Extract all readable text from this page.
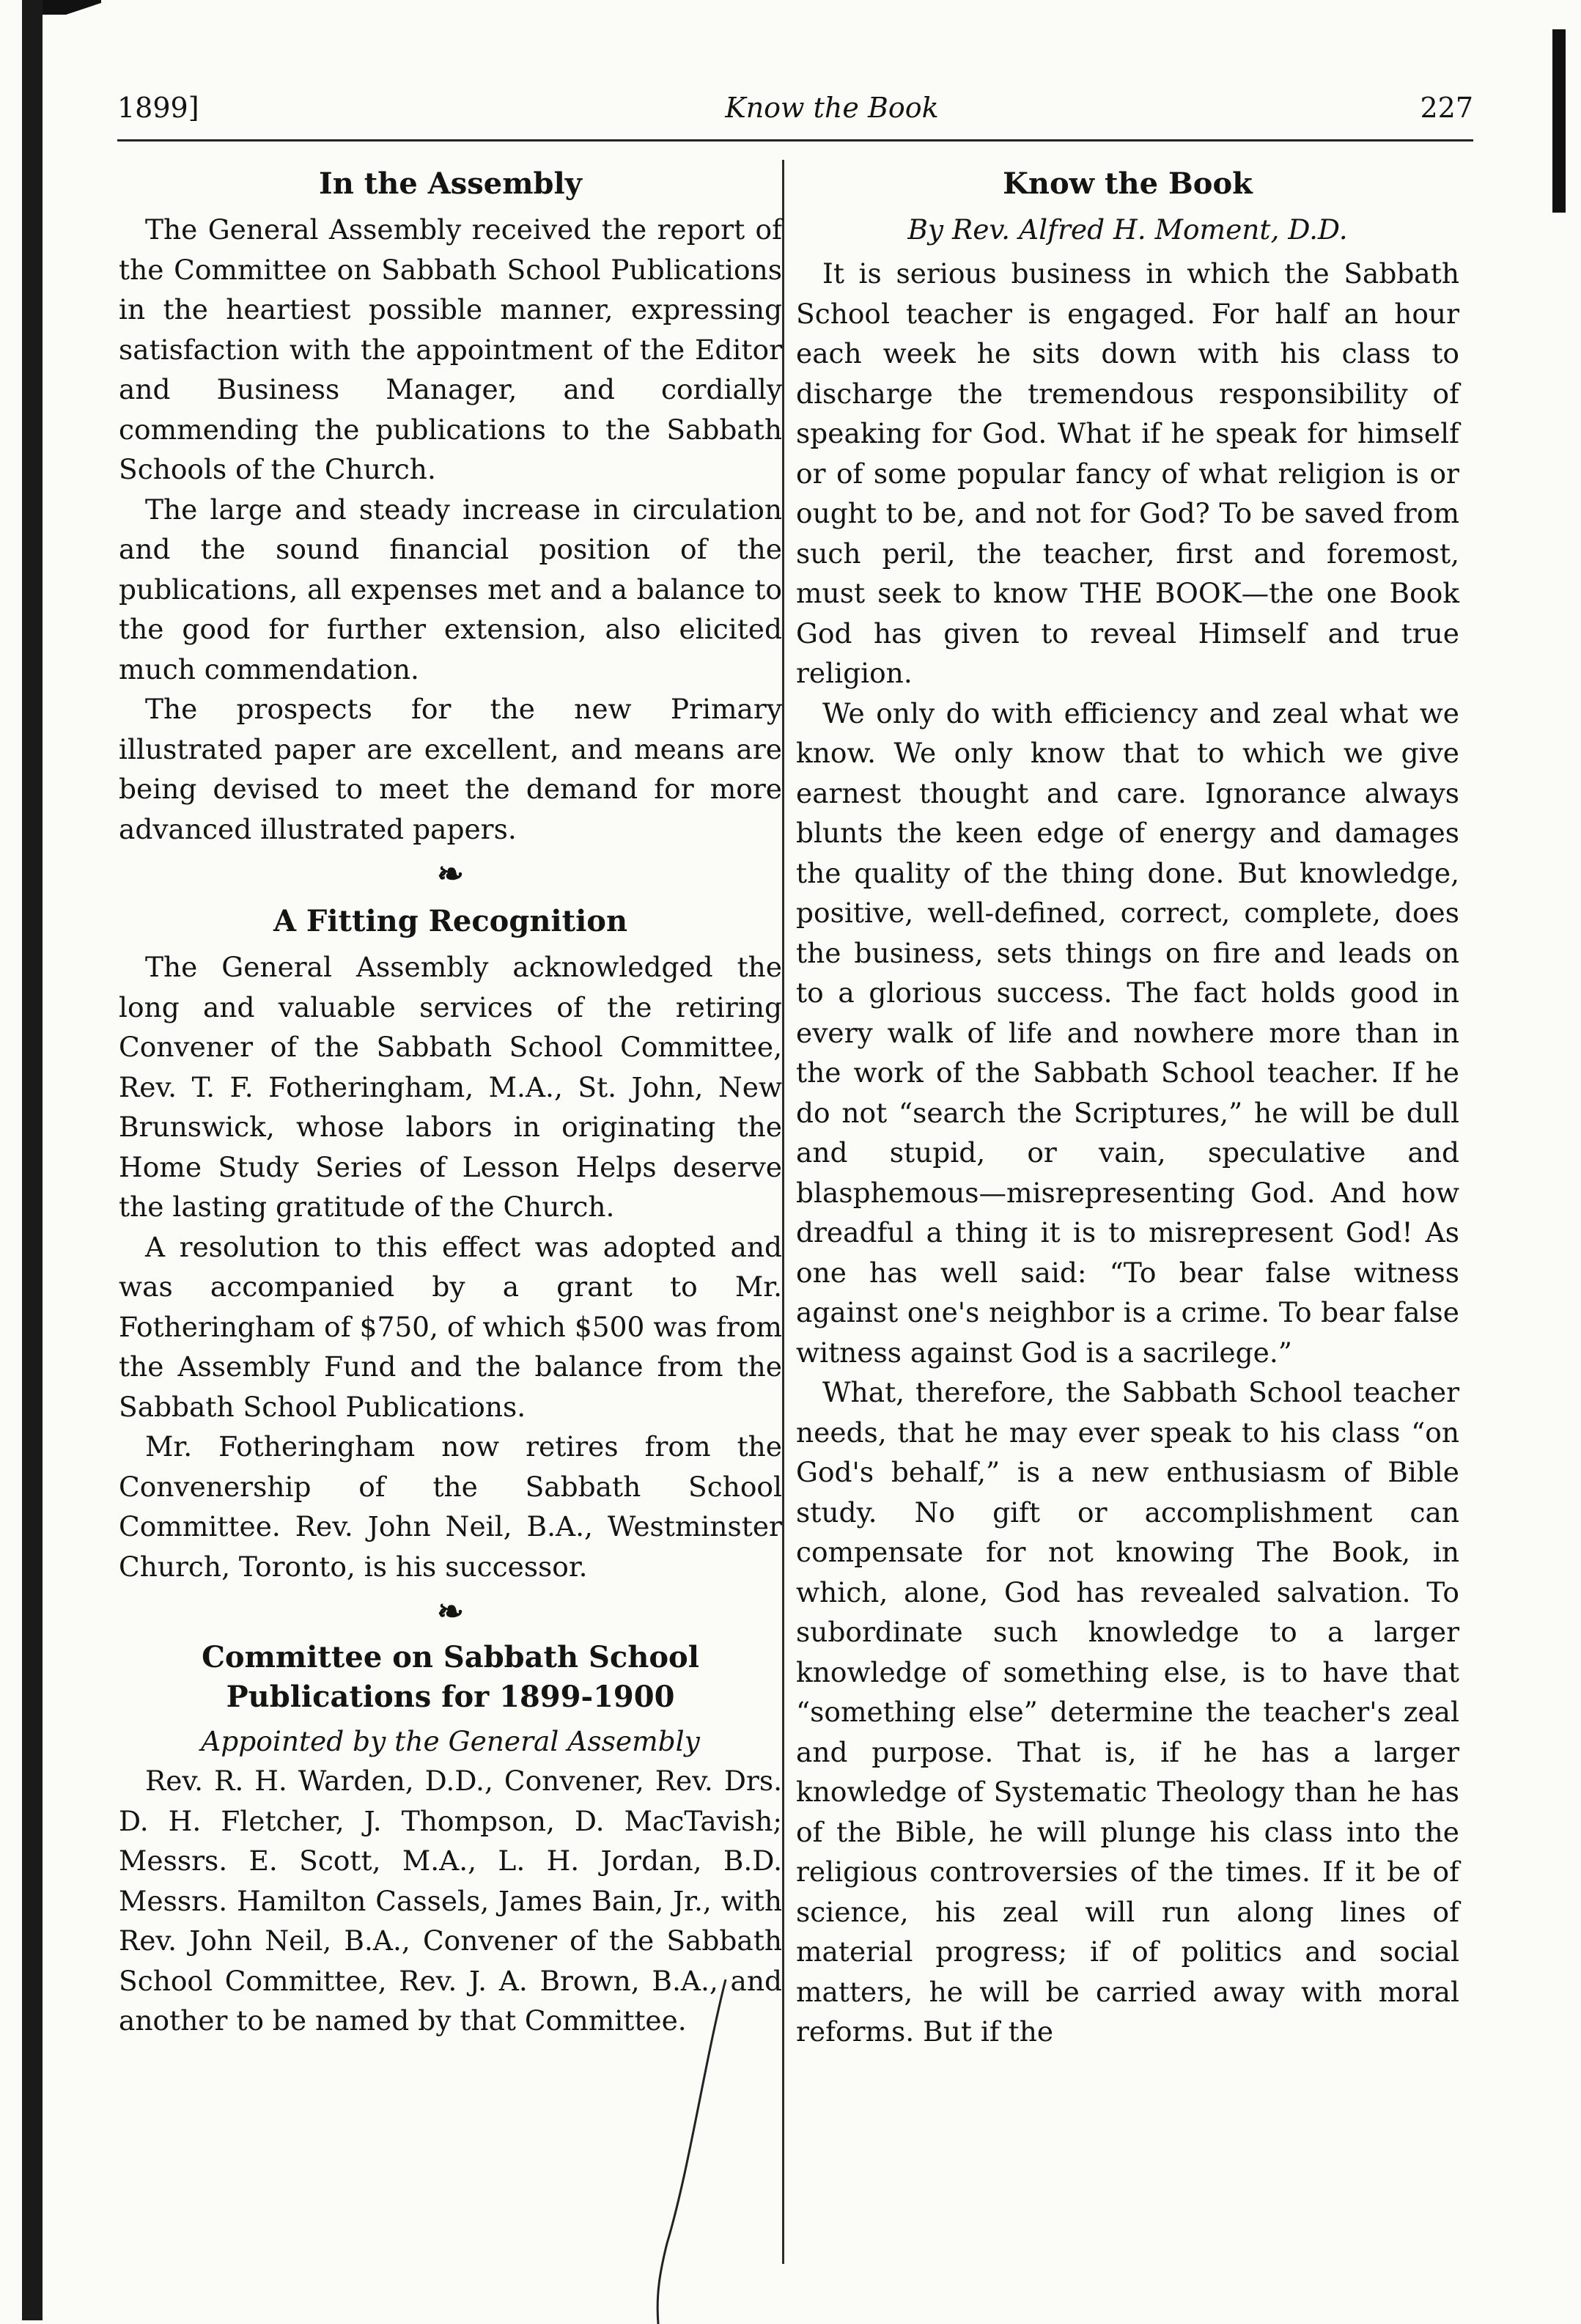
1899]	Know the Book	227
In the Assembly

The General Assembly received the report of the Committee on Sabbath School Publications in the heartiest possible manner, expressing satisfaction with the appointment of the Editor and Business Manager, and cordially commending the publications to the Sabbath Schools of the Church.

The large and steady increase in circulation and the sound financial position of the publications, all expenses met and a balance to the good for further extension, also elicited much commendation.

The prospects for the new Primary illustrated paper are excellent, and means are being devised to meet the demand for more advanced illustrated papers.

❧
A Fitting Recognition

The General Assembly acknowledged the long and valuable services of the retiring Convener of the Sabbath School Committee, Rev. T. F. Fotheringham, M.A., St. John, New Brunswick, whose labors in originating the Home Study Series of Lesson Helps deserve the lasting gratitude of the Church.

A resolution to this effect was adopted and was accompanied by a grant to Mr. Fotheringham of $750, of which $500 was from the Assembly Fund and the balance from the Sabbath School Publications.

Mr. Fotheringham now retires from the Convenership of the Sabbath School Committee. Rev. John Neil, B.A., Westminster Church, Toronto, is his successor.

❧
Committee on Sabbath School Publications for 1899-1900
Appointed by the General Assembly

Rev. R. H. Warden, D.D., Convener, Rev. Drs. D. H. Fletcher, J. Thompson, D. MacTavish; Messrs. E. Scott, M.A., L. H. Jordan, B.D. Messrs. Hamilton Cassels, James Bain, Jr., with Rev. John Neil, B.A., Convener of the Sabbath School Committee, Rev. J. A. Brown, B.A., and another to be named by that Committee.

Know the Book
By Rev. Alfred H. Moment, D.D.

It is serious business in which the Sabbath School teacher is engaged. For half an hour each week he sits down with his class to discharge the tremendous responsibility of speaking for God. What if he speak for himself or of some popular fancy of what religion is or ought to be, and not for God? To be saved from such peril, the teacher, first and foremost, must seek to know THE BOOK—the one Book God has given to reveal Himself and true religion.

We only do with efficiency and zeal what we know. We only know that to which we give earnest thought and care. Ignorance always blunts the keen edge of energy and damages the quality of the thing done. But knowledge, positive, well-defined, correct, complete, does the business, sets things on fire and leads on to a glorious success. The fact holds good in every walk of life and nowhere more than in the work of the Sabbath School teacher. If he do not “search the Scriptures,” he will be dull and stupid, or vain, speculative and blasphemous—misrepresenting God. And how dreadful a thing it is to misrepresent God! As one has well said: “To bear false witness against one's neighbor is a crime. To bear false witness against God is a sacrilege.”

What, therefore, the Sabbath School teacher needs, that he may ever speak to his class “on God's behalf,” is a new enthusiasm of Bible study. No gift or accomplishment can compensate for not knowing The Book, in which, alone, God has revealed salvation. To subordinate such knowledge to a larger knowledge of something else, is to have that “something else” determine the teacher's zeal and purpose. That is, if he has a larger knowledge of Systematic Theology than he has of the Bible, he will plunge his class into the religious controversies of the times. If it be of science, his zeal will run along lines of material progress; if of politics and social matters, he will be carried away with moral reforms. But if the
